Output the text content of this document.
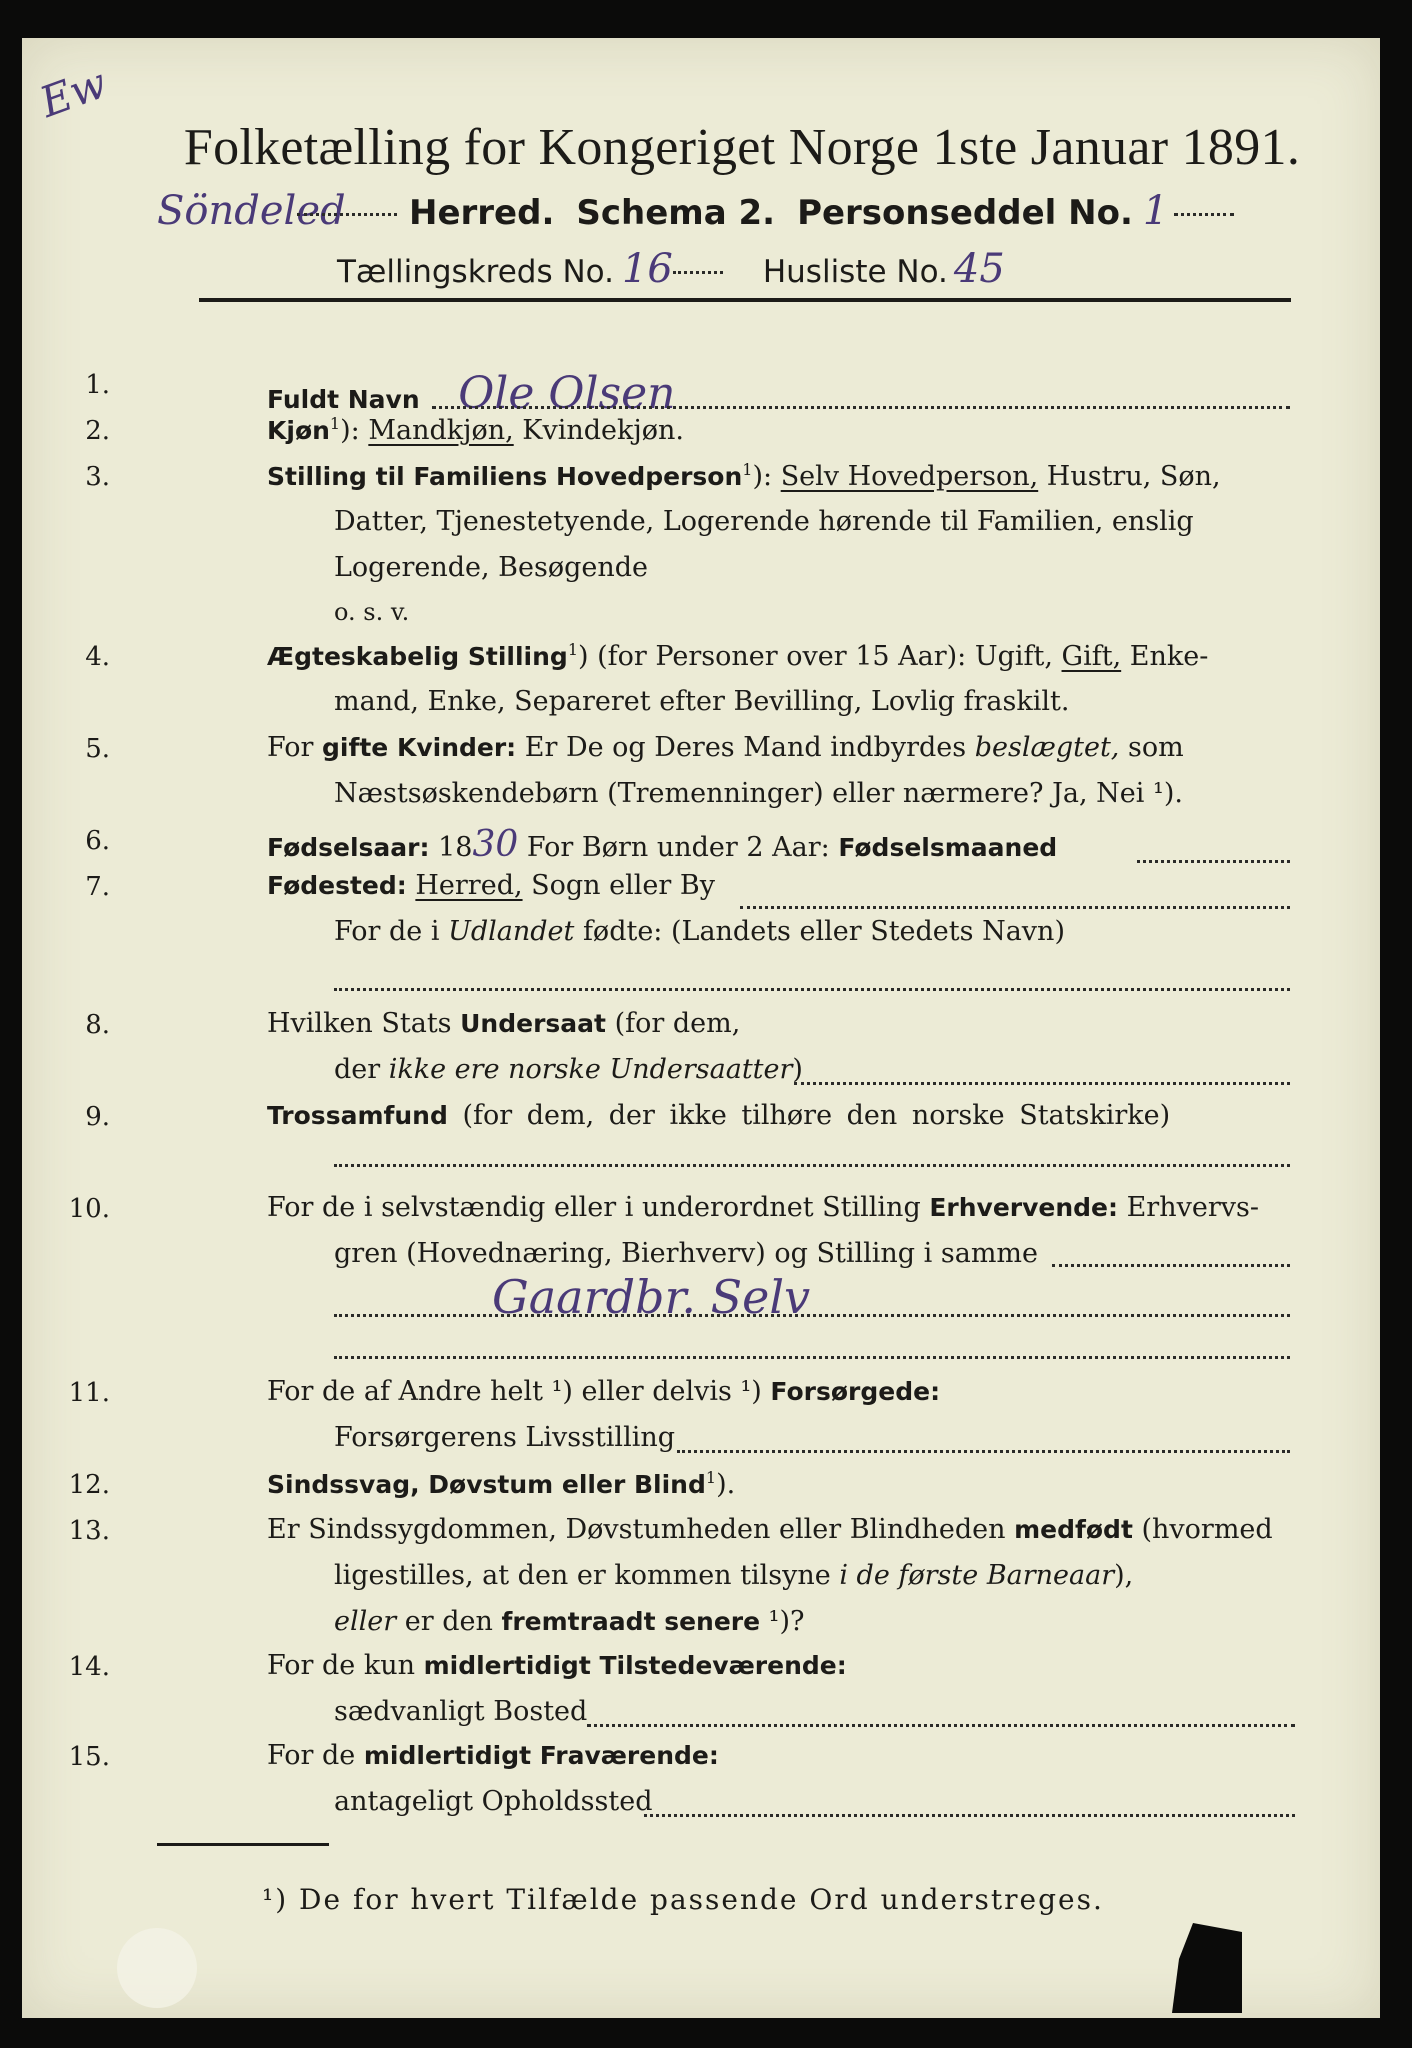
Ew
Folketælling for Kongeriget Norge 1ste Januar 1891.
Söndeled Herred. Schema 2. Personseddel No. 1
Tællingskreds No. 16	Husliste No. 45
1.	Fuldt Navn Ole Olsen
2.	Kjøn$^1$): Mandkjøn, Kvindekjøn.
3.	Stilling til Familiens Hovedperson$^1$): Selv Hovedperson, Hustru, Søn,
Datter, Tjenestetyende, Logerende hørende til Familien, enslig
Logerende, Besøgende
o. s. v.
4.	Ægteskabelig Stilling$^1$) (for Personer over 15 Aar): Ugift, Gift, Enke-
mand, Enke, Separeret efter Bevilling, Lovlig fraskilt.
5.	For gifte Kvinder: Er De og Deres Mand indbyrdes beslægtet, som
Næstsøskendebørn (Tremenninger) eller nærmere? Ja, Nei ¹).
6.	Fødselsaar: 1830 For Børn under 2 Aar: Fødselsmaaned
7.	Fødested: Herred, Sogn eller By
For de i Udlandet fødte: (Landets eller Stedets Navn)
8.	Hvilken Stats Undersaat (for dem,
der ikke ere norske Undersaatter)
9.	Trossamfund (for dem, der ikke tilhøre den norske Statskirke)
10.	For de i selvstændig eller i underordnet Stilling Erhvervende: Erhvervs-
gren (Hovednæring, Bierhverv) og Stilling i samme
Gaardbr. Selv
11.	For de af Andre helt ¹) eller delvis ¹) Forsørgede:
Forsørgerens Livsstilling
12.	Sindssvag, Døvstum eller Blind$^1$).
13.	Er Sindssygdommen, Døvstumheden eller Blindheden medfødt (hvormed
ligestilles, at den er kommen tilsyne i de første Barneaar),
eller er den fremtraadt senere ¹)?
14.	For de kun midlertidigt Tilstedeværende:
sædvanligt Bosted
15.	For de midlertidigt Fraværende:
antageligt Opholdssted
¹) De for hvert Tilfælde passende Ord understreges.
